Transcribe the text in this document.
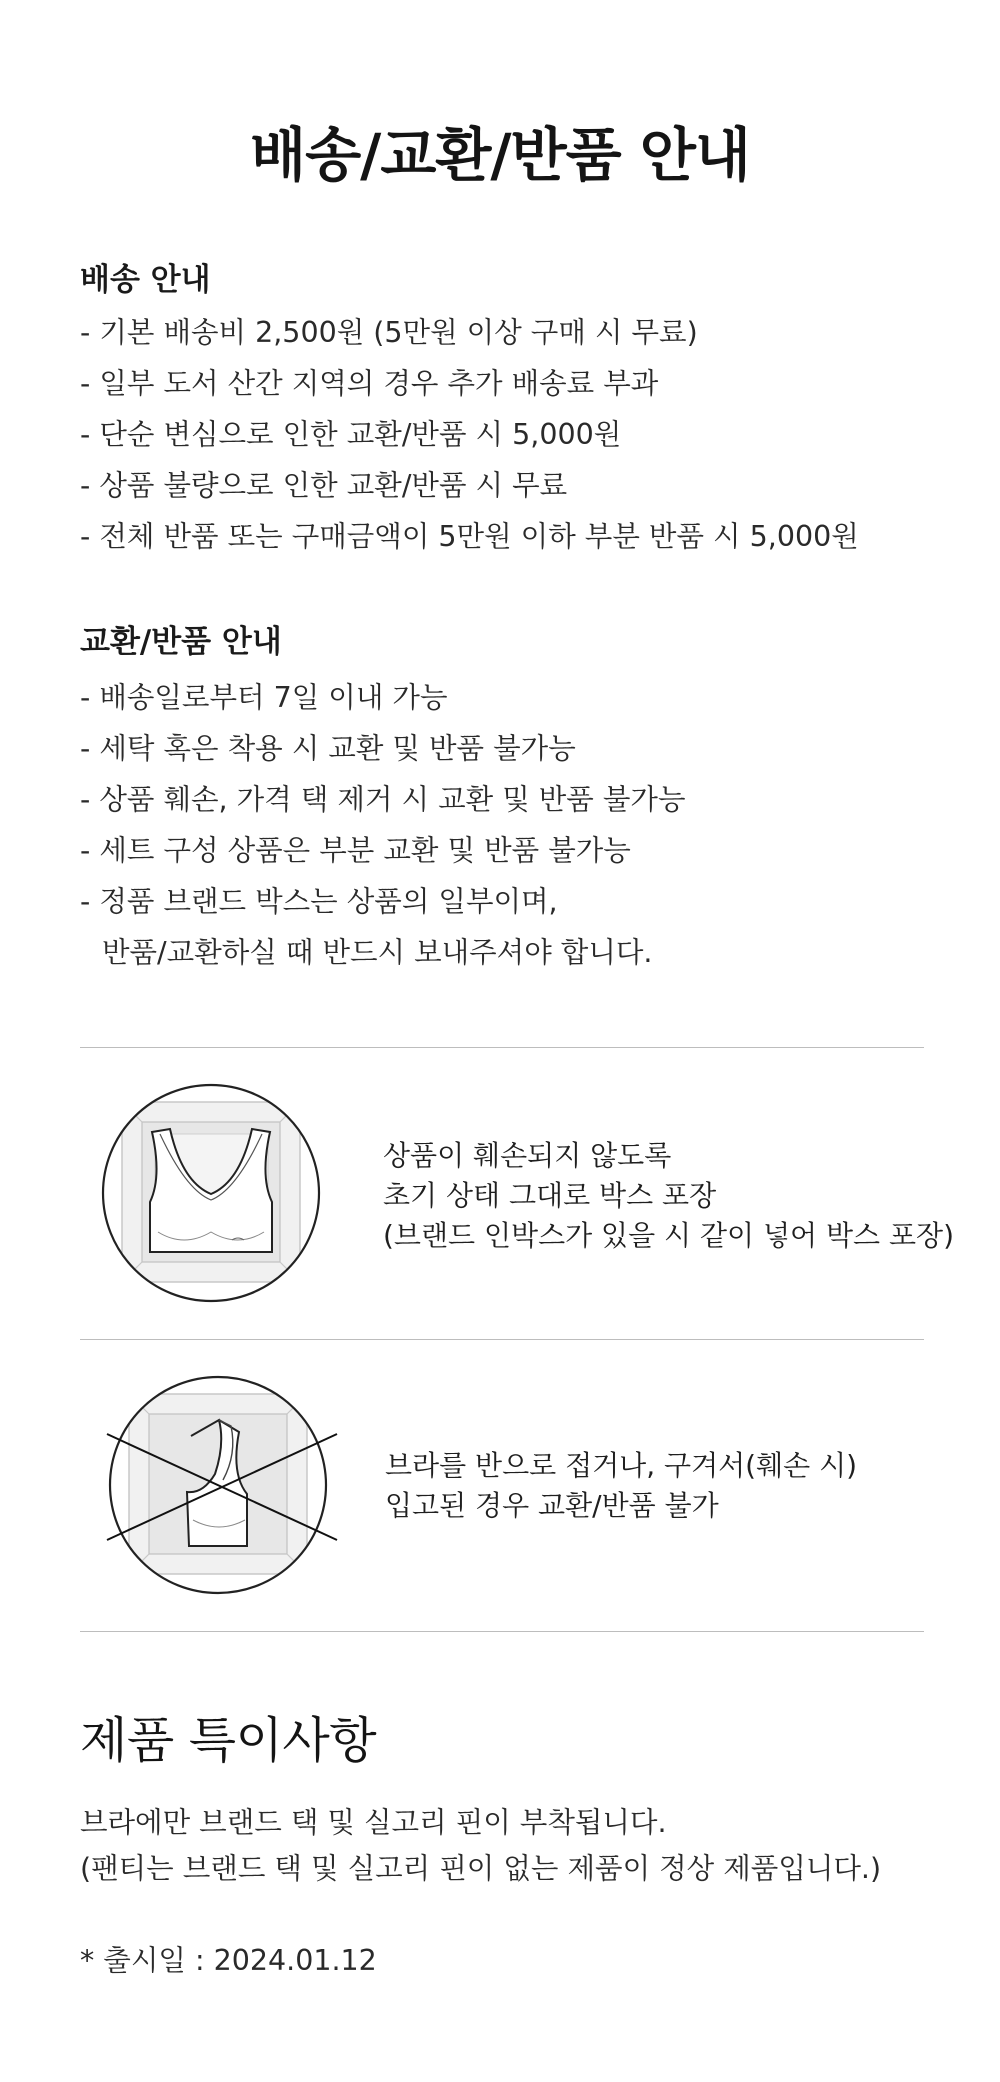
배송/교환/반품 안내
배송 안내
- 기본 배송비 2,500원 (5만원 이상 구매 시 무료)
- 일부 도서 산간 지역의 경우 추가 배송료 부과
- 단순 변심으로 인한 교환/반품 시 5,000원
- 상품 불량으로 인한 교환/반품 시 무료
- 전체 반품 또는 구매금액이 5만원 이하 부분 반품 시 5,000원
교환/반품 안내
- 배송일로부터 7일 이내 가능
- 세탁 혹은 착용 시 교환 및 반품 불가능
- 상품 훼손, 가격 택 제거 시 교환 및 반품 불가능
- 세트 구성 상품은 부분 교환 및 반품 불가능
- 정품 브랜드 박스는 상품의 일부이며,
반품/교환하실 때 반드시 보내주셔야 합니다.
상품이 훼손되지 않도록
초기 상태 그대로 박스 포장
(브랜드 인박스가 있을 시 같이 넣어 박스 포장)
브라를 반으로 접거나, 구겨서(훼손 시)
입고된 경우 교환/반품 불가
제품 특이사항
브라에만 브랜드 택 및 실고리 핀이 부착됩니다.
(팬티는 브랜드 택 및 실고리 핀이 없는 제품이 정상 제품입니다.)
* 출시일 : 2024.01.12
